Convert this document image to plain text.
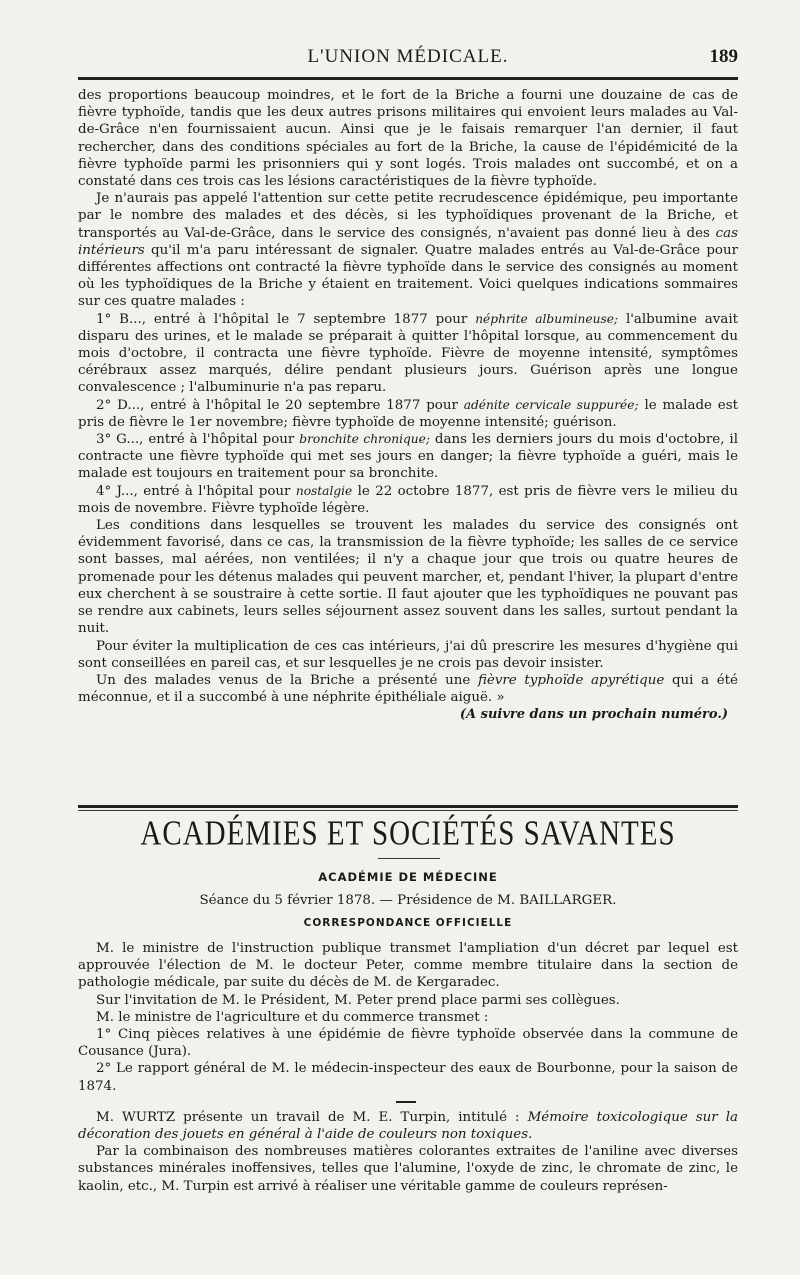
L'UNION MÉDICALE.	189

des proportions beaucoup moindres, et le fort de la Briche a fourni une douzaine de cas de fièvre typhoïde, tandis que les deux autres prisons militaires qui envoient leurs malades au Val-de-Grâce n'en fournissaient aucun. Ainsi que je le faisais remarquer l'an dernier, il faut rechercher, dans des conditions spéciales au fort de la Briche, la cause de l'épidémicité de la fièvre typhoïde parmi les prisonniers qui y sont logés. Trois malades ont succombé, et on a constaté dans ces trois cas les lésions caractéristiques de la fièvre typhoïde.

Je n'aurais pas appelé l'attention sur cette petite recrudescence épidémique, peu importante par le nombre des malades et des décès, si les typhoïdiques provenant de la Briche, et transportés au Val-de-Grâce, dans le service des consignés, n'avaient pas donné lieu à des cas intérieurs qu'il m'a paru intéressant de signaler. Quatre malades entrés au Val-de-Grâce pour différentes affections ont contracté la fièvre typhoïde dans le service des consignés au moment où les typhoïdiques de la Briche y étaient en traitement. Voici quelques indications sommaires sur ces quatre malades :

1° B..., entré à l'hôpital le 7 septembre 1877 pour néphrite albumineuse; l'albumine avait disparu des urines, et le malade se préparait à quitter l'hôpital lorsque, au commencement du mois d'octobre, il contracta une fièvre typhoïde. Fièvre de moyenne intensité, symptômes cérébraux assez marqués, délire pendant plusieurs jours. Guérison après une longue convalescence ; l'albuminurie n'a pas reparu.

2° D..., entré à l'hôpital le 20 septembre 1877 pour adénite cervicale suppurée; le malade est pris de fièvre le 1er novembre; fièvre typhoïde de moyenne intensité; guérison.

3° G..., entré à l'hôpital pour bronchite chronique; dans les derniers jours du mois d'octobre, il contracte une fièvre typhoïde qui met ses jours en danger; la fièvre typhoïde a guéri, mais le malade est toujours en traitement pour sa bronchite.

4° J..., entré à l'hôpital pour nostalgie le 22 octobre 1877, est pris de fièvre vers le milieu du mois de novembre. Fièvre typhoïde légère.

Les conditions dans lesquelles se trouvent les malades du service des consignés ont évidemment favorisé, dans ce cas, la transmission de la fièvre typhoïde; les salles de ce service sont basses, mal aérées, non ventilées; il n'y a chaque jour que trois ou quatre heures de promenade pour les détenus malades qui peuvent marcher, et, pendant l'hiver, la plupart d'entre eux cherchent à se soustraire à cette sortie. Il faut ajouter que les typhoïdiques ne pouvant pas se rendre aux cabinets, leurs selles séjournent assez souvent dans les salles, surtout pendant la nuit.

Pour éviter la multiplication de ces cas intérieurs, j'ai dû prescrire les mesures d'hygiène qui sont conseillées en pareil cas, et sur lesquelles je ne crois pas devoir insister.

Un des malades venus de la Briche a présenté une fièvre typhoïde apyrétique qui a été méconnue, et il a succombé à une néphrite épithéliale aiguë. »

(A suivre dans un prochain numéro.)

ACADÉMIES ET SOCIÉTÉS SAVANTES
ACADÉMIE DE MÉDECINE
Séance du 5 février 1878. — Présidence de M. BAILLARGER.
CORRESPONDANCE OFFICIELLE

M. le ministre de l'instruction publique transmet l'ampliation d'un décret par lequel est approuvée l'élection de M. le docteur Peter, comme membre titulaire dans la section de pathologie médicale, par suite du décès de M. de Kergaradec.

Sur l'invitation de M. le Président, M. Peter prend place parmi ses collègues.

M. le ministre de l'agriculture et du commerce transmet :

1° Cinq pièces relatives à une épidémie de fièvre typhoïde observée dans la commune de Cousance (Jura).

2° Le rapport général de M. le médecin-inspecteur des eaux de Bourbonne, pour la saison de 1874.

M. WURTZ présente un travail de M. E. Turpin, intitulé : Mémoire toxicologique sur la décoration des jouets en général à l'aide de couleurs non toxiques.

Par la combinaison des nombreuses matières colorantes extraites de l'aniline avec diverses substances minérales inoffensives, telles que l'alumine, l'oxyde de zinc, le chromate de zinc, le kaolin, etc., M. Turpin est arrivé à réaliser une véritable gamme de couleurs représen-
